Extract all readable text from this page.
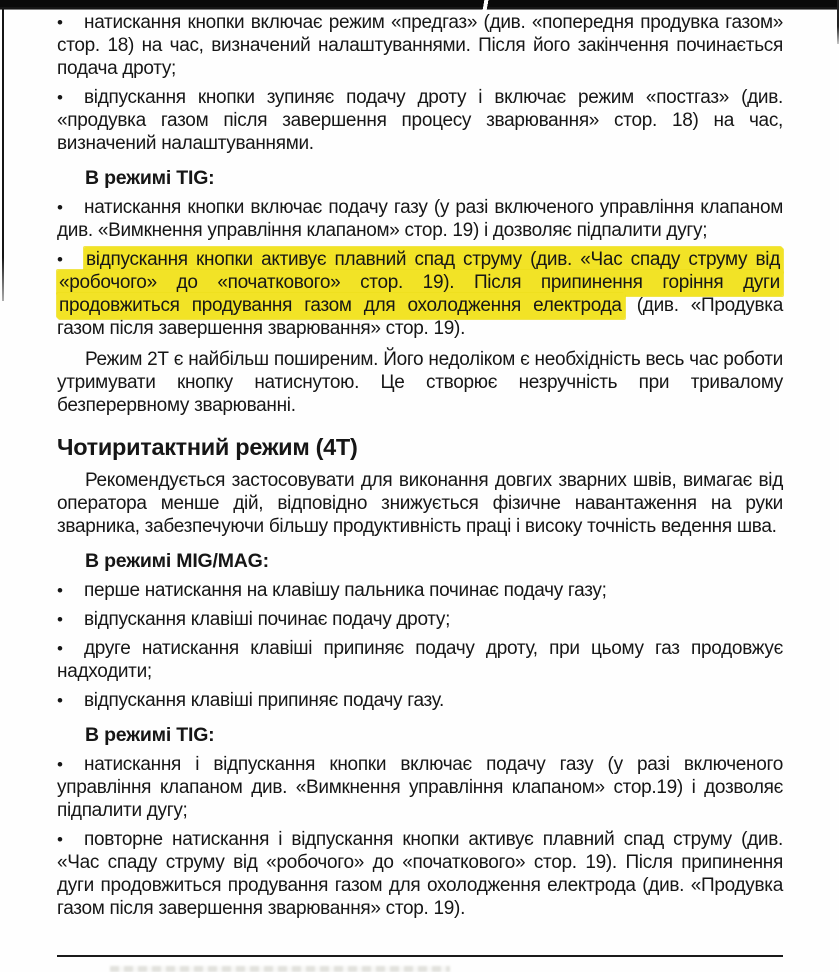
• натискання кнопки включає режим «предгаз» (див. «попередня продувка газом» стор. 18) на час, визначений налаштуваннями. Після його закінчення починається подача дроту;

• відпускання кнопки зупиняє подачу дроту і включає режим «постгаз» (див. «продувка газом після завершення процесу зварювання» стор. 18) на час, визначений налаштуваннями.

В режимі TIG:

• натискання кнопки включає подачу газу (у разі включеного управління клапаном див. «Вимкнення управління клапаном» стор. 19) і дозволяє підпалити дугу;

• відпускання кнопки активує плавний спад струму (див. «Час спаду струму від «робочого» до «початкового» стор. 19). Після припинення горіння дуги продовжиться продування газом для охолодження електрода (див. «Продувка газом після завершення зварювання» стор. 19).

Режим 2Т є найбільш поширеним. Його недоліком є необхідність весь час роботи утримувати кнопку натиснутою. Це створює незручність при тривалому безперервному зварюванні.

Чотиритактний режим (4Т)

Рекомендується застосовувати для виконання довгих зварних швів, вимагає від оператора менше дій, відповідно знижується фізичне навантаження на руки зварника, забезпечуючи більшу продуктивність праці і високу точність ведення шва.

В режимі MIG/MAG:

• перше натискання на клавішу пальника починає подачу газу;

• відпускання клавіші починає подачу дроту;

• друге натискання клавіші припиняє подачу дроту, при цьому газ продовжує надходити;

• відпускання клавіші припиняє подачу газу.

В режимі TIG:

• натискання і відпускання кнопки включає подачу газу (у разі включеного управління клапаном див. «Вимкнення управління клапаном» стор.19) і дозволяє підпалити дугу;

• повторне натискання і відпускання кнопки активує плавний спад струму (див. «Час спаду струму від «робочого» до «початкового» стор. 19). Після припинення дуги продовжиться продування газом для охолодження електрода (див. «Продувка газом після завершення зварювання» стор. 19).
